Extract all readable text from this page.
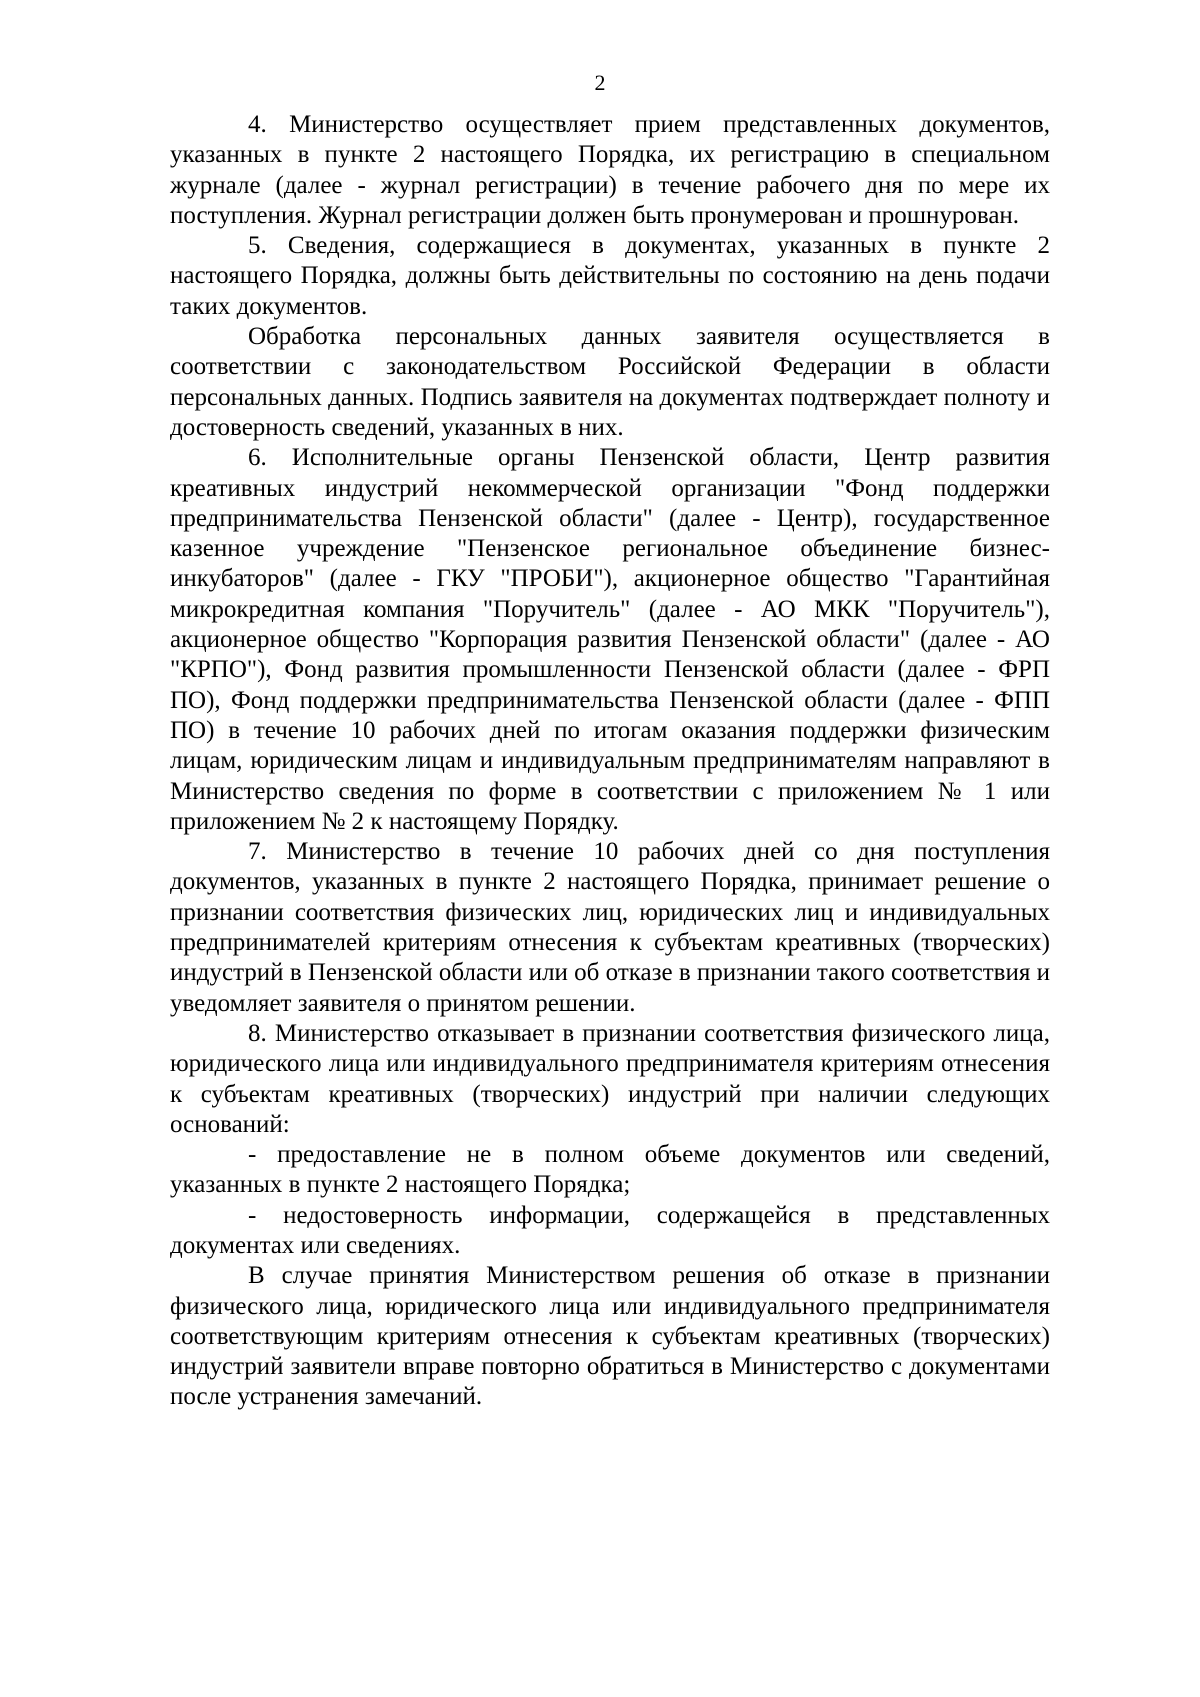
2

4. Министерство осуществляет прием представленных документов, указанных в пункте 2 настоящего Порядка, их регистрацию в специальном журнале (далее - журнал регистрации) в течение рабочего дня по мере их поступления. Журнал регистрации должен быть пронумерован и прошнурован.

5. Сведения, содержащиеся в документах, указанных в пункте 2 настоящего Порядка, должны быть действительны по состоянию на день подачи таких документов.

Обработка персональных данных заявителя осуществляется в соответствии с законодательством Российской Федерации в области персональных данных. Подпись заявителя на документах подтверждает полноту и достоверность сведений, указанных в них.

6. Исполнительные органы Пензенской области, Центр развития креативных индустрий некоммерческой организации "Фонд поддержки предпринимательства Пензенской области" (далее - Центр), государственное казенное учреждение "Пензенское региональное объединение бизнес-инкубаторов" (далее - ГКУ "ПРОБИ"), акционерное общество "Гарантийная микрокредитная компания "Поручитель" (далее - АО МКК "Поручитель"), акционерное общество "Корпорация развития Пензенской области" (далее - АО "КРПО"), Фонд развития промышленности Пензенской области (далее - ФРП ПО), Фонд поддержки предпринимательства Пензенской области (далее - ФПП ПО) в течение 10 рабочих дней по итогам оказания поддержки физическим лицам, юридическим лицам и индивидуальным предпринимателям направляют в Министерство сведения по форме в соответствии с приложением № 1 или приложением № 2 к настоящему Порядку.

7. Министерство в течение 10 рабочих дней со дня поступления документов, указанных в пункте 2 настоящего Порядка, принимает решение о признании соответствия физических лиц, юридических лиц и индивидуальных предпринимателей критериям отнесения к субъектам креативных (творческих) индустрий в Пензенской области или об отказе в признании такого соответствия и уведомляет заявителя о принятом решении.

8. Министерство отказывает в признании соответствия физического лица, юридического лица или индивидуального предпринимателя критериям отнесения к субъектам креативных (творческих) индустрий при наличии следующих оснований:

- предоставление не в полном объеме документов или сведений, указанных в пункте 2 настоящего Порядка;

- недостоверность информации, содержащейся в представленных документах или сведениях.

В случае принятия Министерством решения об отказе в признании физического лица, юридического лица или индивидуального предпринимателя соответствующим критериям отнесения к субъектам креативных (творческих) индустрий заявители вправе повторно обратиться в Министерство с документами после устранения замечаний.
